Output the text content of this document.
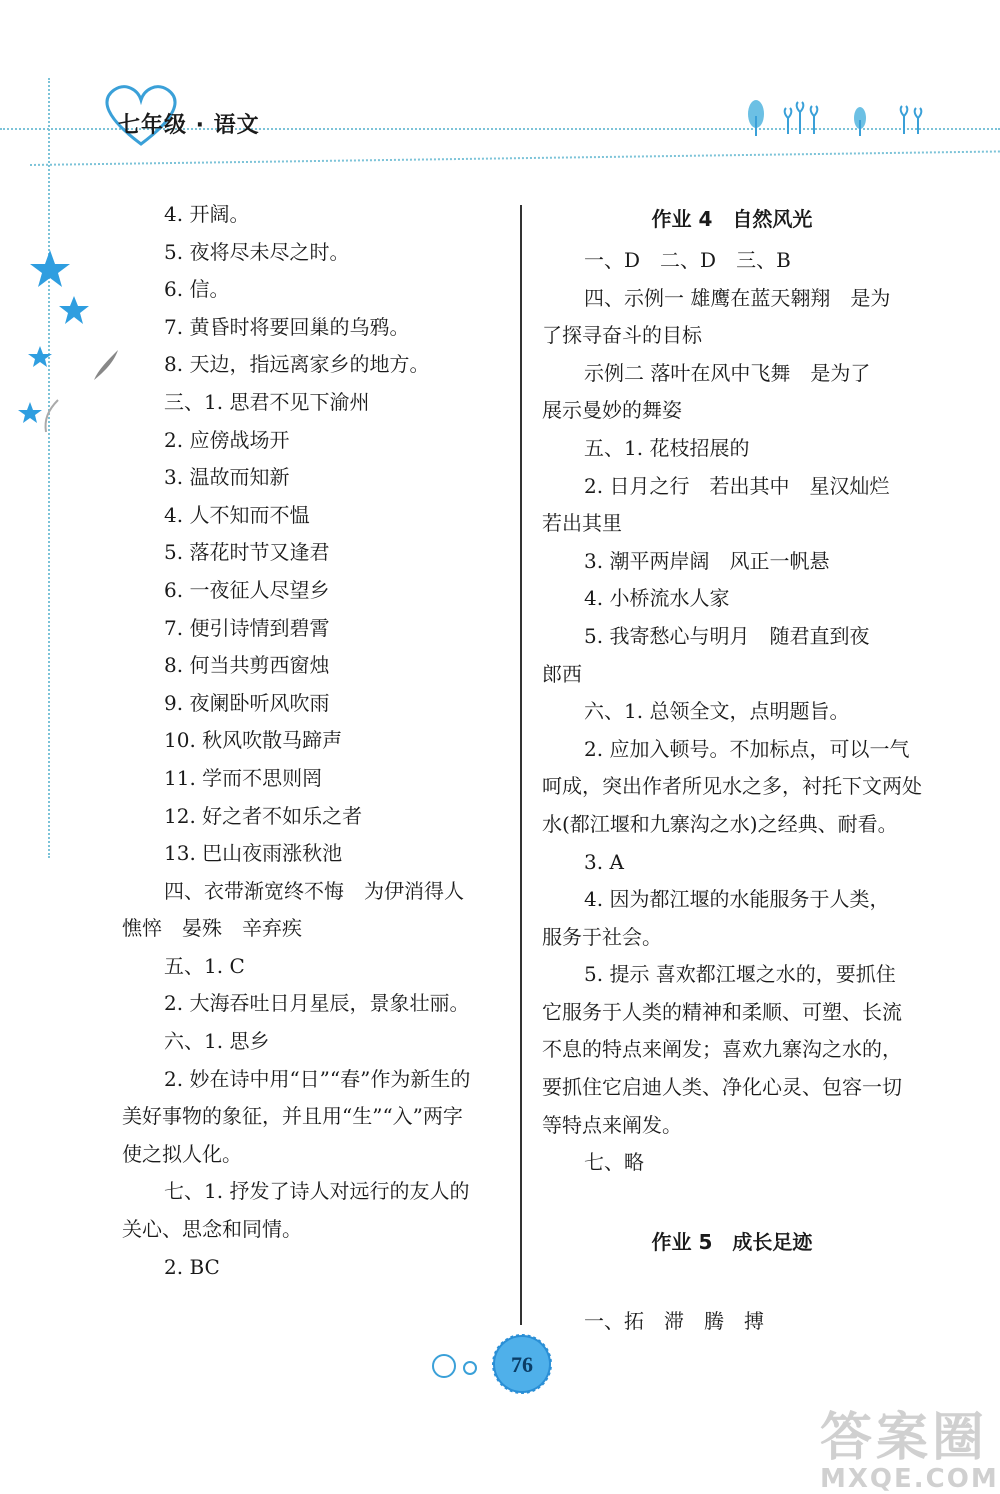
七年级 · 语文
4. 开阔。
5. 夜将尽未尽之时。
6. 信。
7. 黄昏时将要回巢的乌鸦。
8. 天边，指远离家乡的地方。
三、1. 思君不见下渝州
2. 应傍战场开
3. 温故而知新
4. 人不知而不愠
5. 落花时节又逢君
6. 一夜征人尽望乡
7. 便引诗情到碧霄
8. 何当共剪西窗烛
9. 夜阑卧听风吹雨
10. 秋风吹散马蹄声
11. 学而不思则罔
12. 好之者不如乐之者
13. 巴山夜雨涨秋池
四、衣带渐宽终不悔　为伊消得人
憔悴　晏殊　辛弃疾
五、1. C
2. 大海吞吐日月星辰，景象壮丽。
六、1. 思乡
2. 妙在诗中用“日”“春”作为新生的
美好事物的象征，并且用“生”“入”两字
使之拟人化。
七、1. 抒发了诗人对远行的友人的
关心、思念和同情。
2. BC
作业 4　自然风光
一、D　二、D　三、B
四、示例一 雄鹰在蓝天翱翔　是为
了探寻奋斗的目标
示例二 落叶在风中飞舞　是为了
展示曼妙的舞姿
五、1. 花枝招展的
2. 日月之行　若出其中　星汉灿烂
若出其里
3. 潮平两岸阔　风正一帆悬
4. 小桥流水人家
5. 我寄愁心与明月　随君直到夜
郎西
六、1. 总领全文，点明题旨。
2. 应加入顿号。不加标点，可以一气
呵成，突出作者所见水之多，衬托下文两处
水(都江堰和九寨沟之水)之经典、耐看。
3. A
4. 因为都江堰的水能服务于人类，
服务于社会。
5. 提示 喜欢都江堰之水的，要抓住
它服务于人类的精神和柔顺、可塑、长流
不息的特点来阐发；喜欢九寨沟之水的，
要抓住它启迪人类、净化心灵、包容一切
等特点来阐发。
七、略
作业 5　成长足迹
一、拓　滞　腾　搏
76
答案圈
MXQE.COM
